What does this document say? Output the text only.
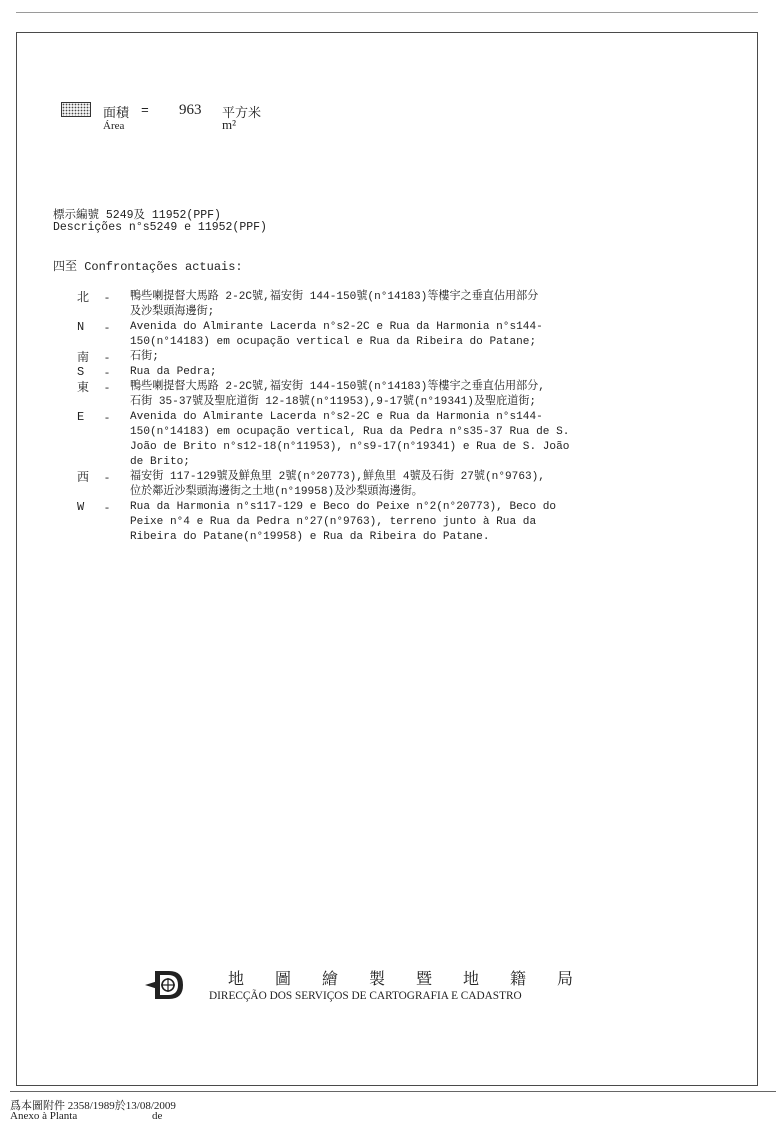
面積
Área
= 963 平方米
m²
標示編號 5249及 11952(PPF)
Descrições n°s5249 e 11952(PPF)
四至 Confrontações actuais:
北	-	鴨些喇提督大馬路 2-2C號,福安街 144-150號(n°14183)等樓宇之垂直佔用部分
及沙梨頭海邊街;
N	-	Avenida do Almirante Lacerda n°s2-2C e Rua da Harmonia n°s144-
150(n°14183) em ocupação vertical e Rua da Ribeira do Patane;
南	-	石街;
S	-	Rua da Pedra;
東	-	鴨些喇提督大馬路 2-2C號,福安街 144-150號(n°14183)等樓宇之垂直佔用部分,
石街 35-37號及聖庇道街 12-18號(n°11953),9-17號(n°19341)及聖庇道街;
E	-	Avenida do Almirante Lacerda n°s2-2C e Rua da Harmonia n°s144-
150(n°14183) em ocupação vertical, Rua da Pedra n°s35-37 Rua de S.
João de Brito n°s12-18(n°11953), n°s9-17(n°19341) e Rua de S. João
de Brito;
西	-	福安街 117-129號及鮮魚里 2號(n°20773),鮮魚里 4號及石街 27號(n°9763),
位於鄰近沙梨頭海邊街之土地(n°19958)及沙梨頭海邊街。
W	-	Rua da Harmonia n°s117-129 e Beco do Peixe n°2(n°20773), Beco do
Peixe n°4 e Rua da Pedra n°27(n°9763), terreno junto à Rua da
Ribeira do Patane(n°19958) e Rua da Ribeira do Patane.
地圖繪製暨地籍局
DIRECÇÃO DOS SERVIÇOS DE CARTOGRAFIA E CADASTRO
爲本圖附件 2358/1989於13/08/2009
Anexo à Planta	de
